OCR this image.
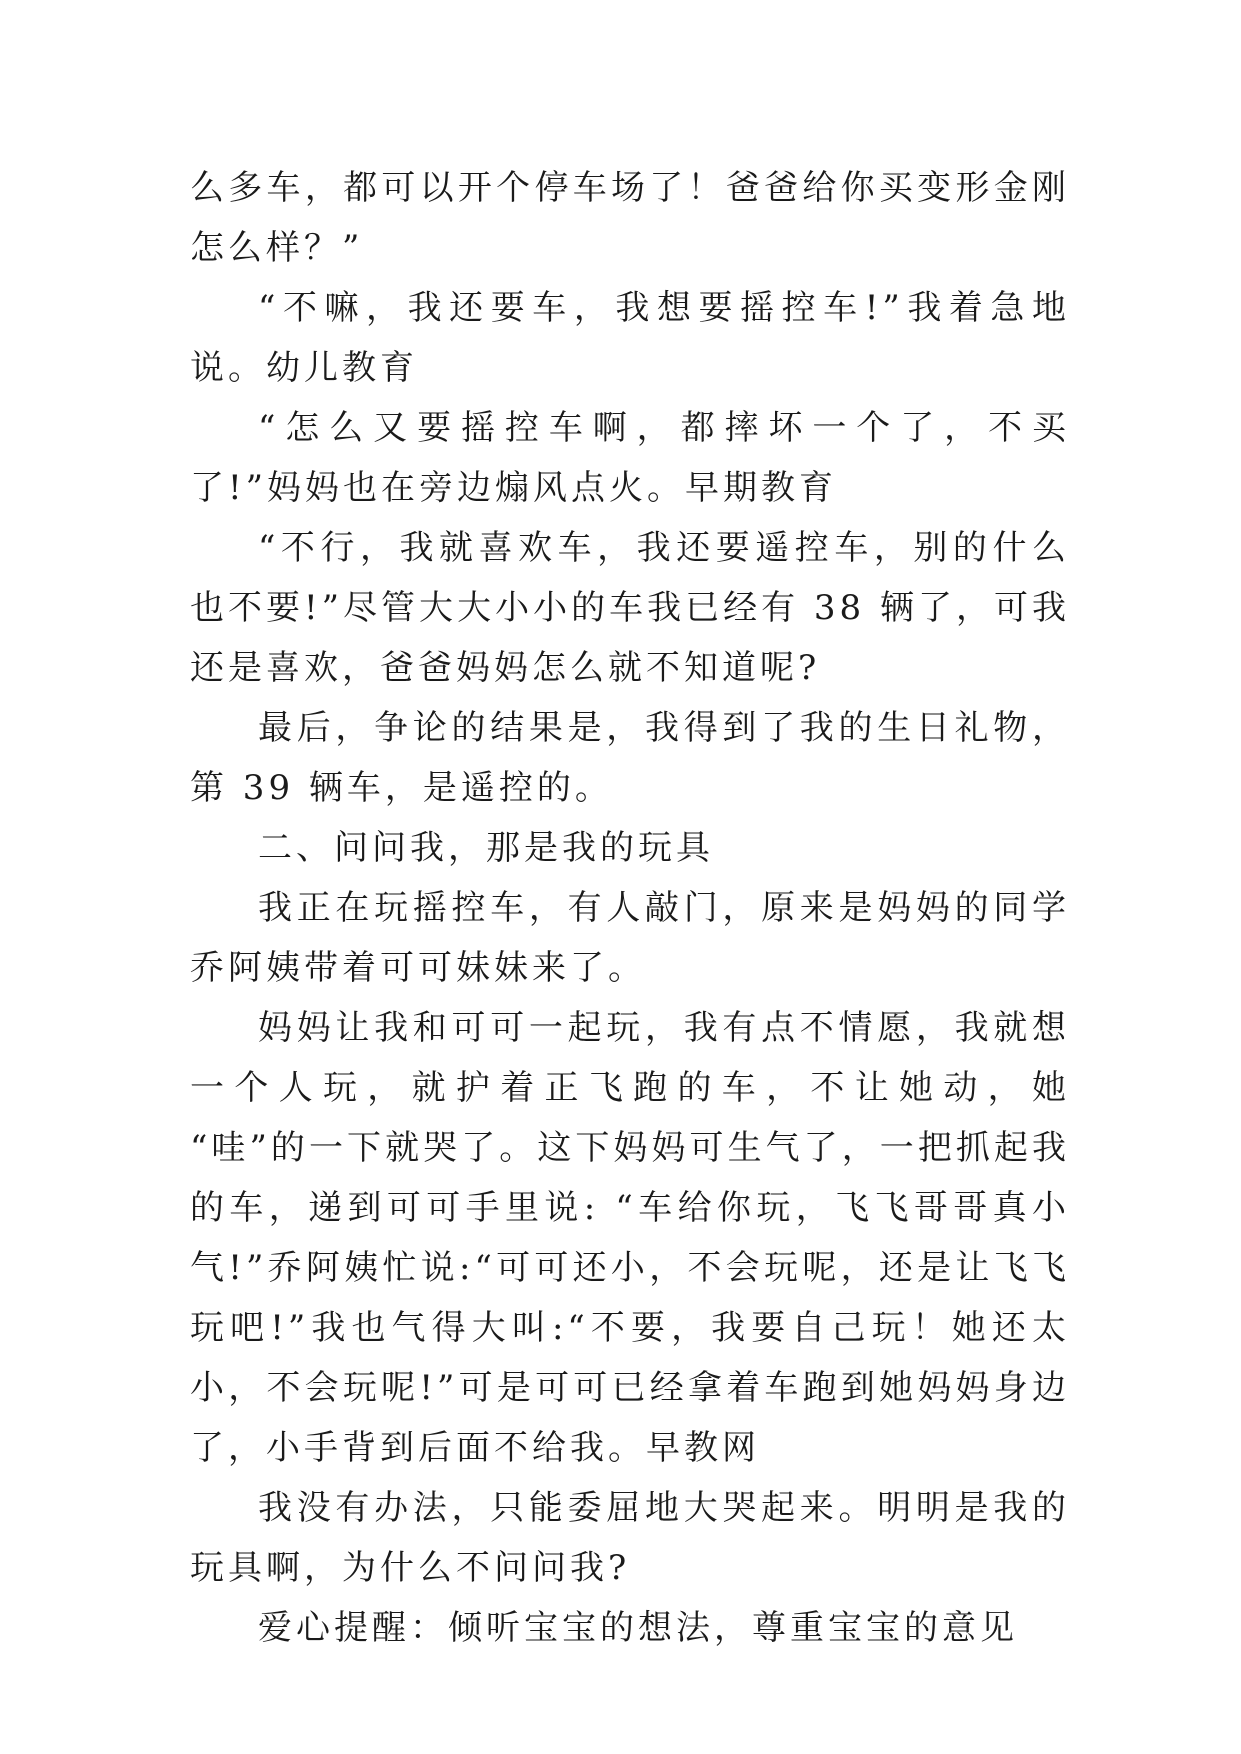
么多车，都可以开个停车场了！爸爸给你买变形金刚怎么样？”

“不嘛，我还要车，我想要摇控车!”我着急地说。幼儿教育

“怎么又要摇控车啊，都摔坏一个了，不买了!”妈妈也在旁边煽风点火。早期教育

“不行，我就喜欢车，我还要遥控车，别的什么也不要!”尽管大大小小的车我已经有 38 辆了，可我还是喜欢，爸爸妈妈怎么就不知道呢?

最后，争论的结果是，我得到了我的生日礼物，第 39 辆车，是遥控的。

二、问问我，那是我的玩具

我正在玩摇控车，有人敲门，原来是妈妈的同学乔阿姨带着可可妹妹来了。

妈妈让我和可可一起玩，我有点不情愿，我就想一个人玩，就护着正飞跑的车，不让她动，她 “哇”的一下就哭了。这下妈妈可生气了，一把抓起我的车，递到可可手里说: “车给你玩，飞飞哥哥真小气!”乔阿姨忙说:“可可还小，不会玩呢，还是让飞飞玩吧!”我也气得大叫:“不要，我要自己玩！她还太小，不会玩呢!”可是可可已经拿着车跑到她妈妈身边了，小手背到后面不给我。早教网

我没有办法，只能委屈地大哭起来。明明是我的玩具啊，为什么不问问我?

爱心提醒：倾听宝宝的想法，尊重宝宝的意见
